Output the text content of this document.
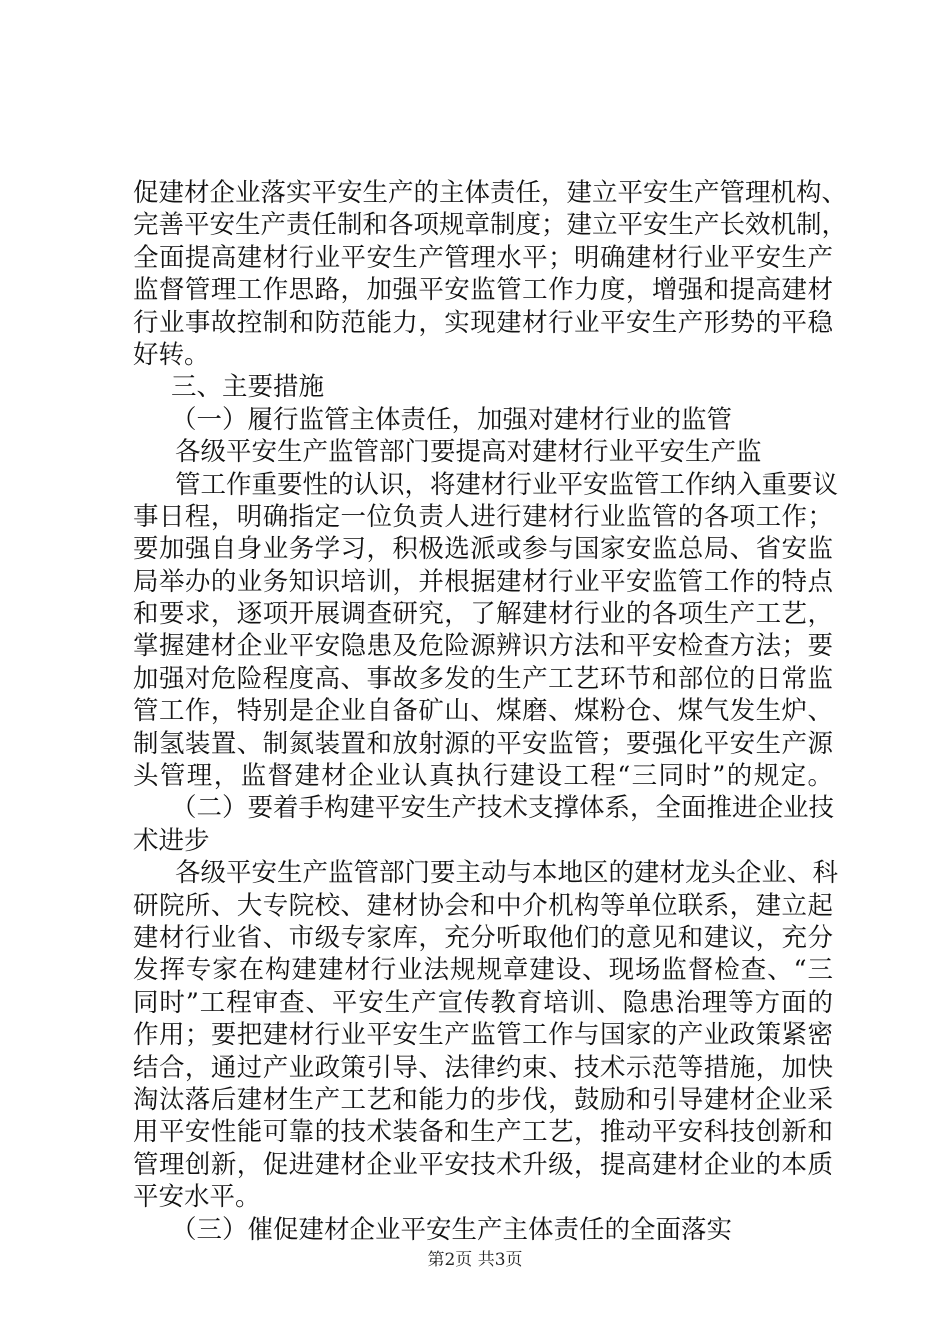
促建材企业落实平安生产的主体责任，建立平安生产管理机构、
完善平安生产责任制和各项规章制度；建立平安生产长效机制，
全面提高建材行业平安生产管理水平；明确建材行业平安生产
监督管理工作思路，加强平安监管工作力度，增强和提高建材
行业事故控制和防范能力，实现建材行业平安生产形势的平稳
好转。
三、主要措施
（一）履行监管主体责任，加强对建材行业的监管
各级平安生产监管部门要提高对建材行业平安生产监
管工作重要性的认识，将建材行业平安监管工作纳入重要议
事日程，明确指定一位负责人进行建材行业监管的各项工作；
要加强自身业务学习，积极选派或参与国家安监总局、省安监
局举办的业务知识培训，并根据建材行业平安监管工作的特点
和要求，逐项开展调查研究，了解建材行业的各项生产工艺，
掌握建材企业平安隐患及危险源辨识方法和平安检查方法；要
加强对危险程度高、事故多发的生产工艺环节和部位的日常监
管工作，特别是企业自备矿山、煤磨、煤粉仓、煤气发生炉、
制氢装置、制氮装置和放射源的平安监管；要强化平安生产源
头管理，监督建材企业认真执行建设工程“三同时”的规定。
（二）要着手构建平安生产技术支撑体系，全面推进企业技
术进步
各级平安生产监管部门要主动与本地区的建材龙头企业、科
研院所、大专院校、建材协会和中介机构等单位联系，建立起
建材行业省、市级专家库，充分听取他们的意见和建议，充分
发挥专家在构建建材行业法规规章建设、现场监督检查、“三
同时”工程审查、平安生产宣传教育培训、隐患治理等方面的
作用；要把建材行业平安生产监管工作与国家的产业政策紧密
结合，通过产业政策引导、法律约束、技术示范等措施，加快
淘汰落后建材生产工艺和能力的步伐，鼓励和引导建材企业采
用平安性能可靠的技术装备和生产工艺，推动平安科技创新和
管理创新，促进建材企业平安技术升级，提高建材企业的本质
平安水平。
（三）催促建材企业平安生产主体责任的全面落实
第2页 共3页
